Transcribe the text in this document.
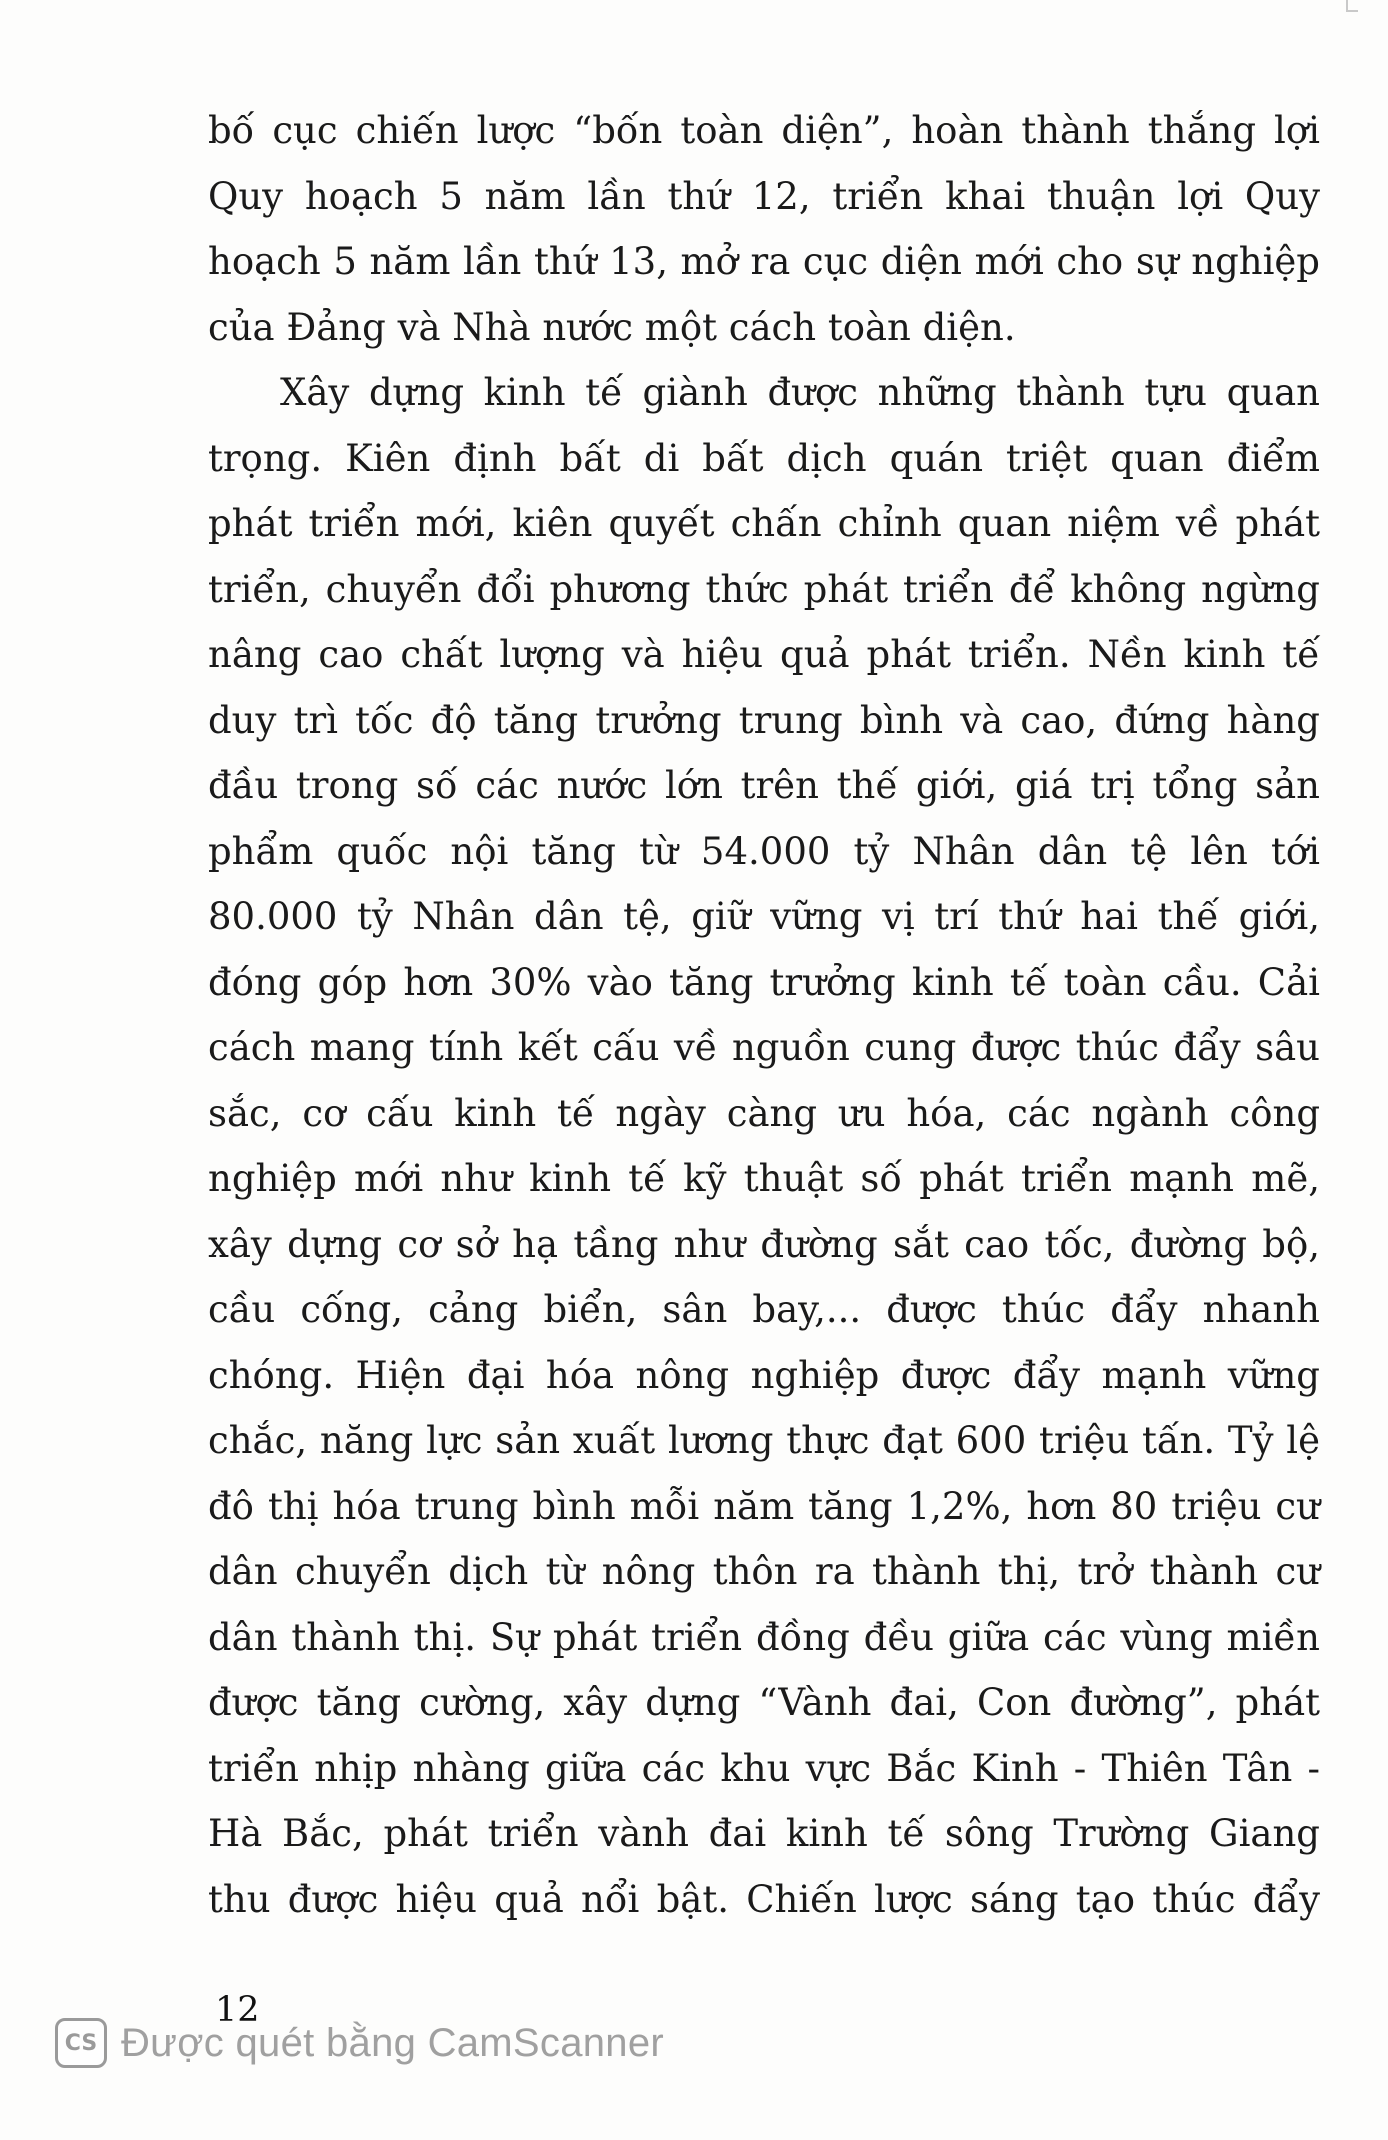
bố cục chiến lược “bốn toàn diện”, hoàn thành thắng lợi
Quy hoạch 5 năm lần thứ 12, triển khai thuận lợi Quy
hoạch 5 năm lần thứ 13, mở ra cục diện mới cho sự nghiệp
của Đảng và Nhà nước một cách toàn diện.
Xây dựng kinh tế giành được những thành tựu quan
trọng. Kiên định bất di bất dịch quán triệt quan điểm
phát triển mới, kiên quyết chấn chỉnh quan niệm về phát
triển, chuyển đổi phương thức phát triển để không ngừng
nâng cao chất lượng và hiệu quả phát triển. Nền kinh tế
duy trì tốc độ tăng trưởng trung bình và cao, đứng hàng
đầu trong số các nước lớn trên thế giới, giá trị tổng sản
phẩm quốc nội tăng từ 54.000 tỷ Nhân dân tệ lên tới
80.000 tỷ Nhân dân tệ, giữ vững vị trí thứ hai thế giới,
đóng góp hơn 30% vào tăng trưởng kinh tế toàn cầu. Cải
cách mang tính kết cấu về nguồn cung được thúc đẩy sâu
sắc, cơ cấu kinh tế ngày càng ưu hóa, các ngành công
nghiệp mới như kinh tế kỹ thuật số phát triển mạnh mẽ,
xây dựng cơ sở hạ tầng như đường sắt cao tốc, đường bộ,
cầu cống, cảng biển, sân bay,... được thúc đẩy nhanh
chóng. Hiện đại hóa nông nghiệp được đẩy mạnh vững
chắc, năng lực sản xuất lương thực đạt 600 triệu tấn. Tỷ lệ
đô thị hóa trung bình mỗi năm tăng 1,2%, hơn 80 triệu cư
dân chuyển dịch từ nông thôn ra thành thị, trở thành cư
dân thành thị. Sự phát triển đồng đều giữa các vùng miền
được tăng cường, xây dựng “Vành đai, Con đường”, phát
triển nhịp nhàng giữa các khu vực Bắc Kinh - Thiên Tân -
Hà Bắc, phát triển vành đai kinh tế sông Trường Giang
thu được hiệu quả nổi bật. Chiến lược sáng tạo thúc đẩy
12
CS Được quét bằng CamScanner
